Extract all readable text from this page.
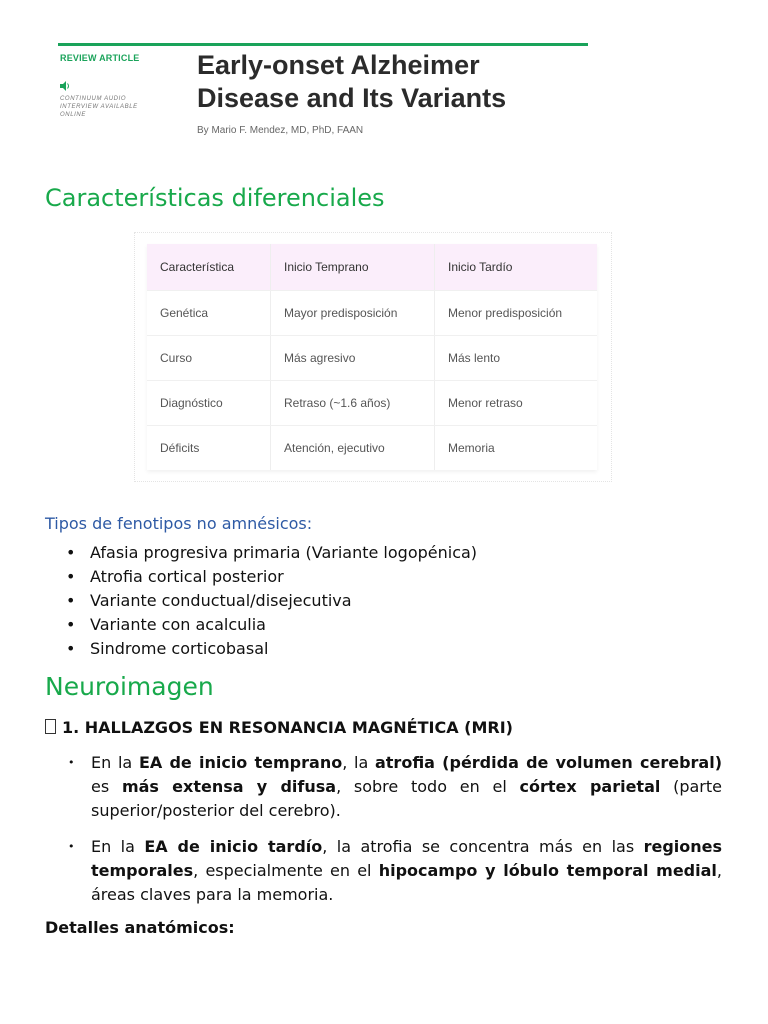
REVIEW ARTICLE
CONTINUUM AUDIO
INTERVIEW AVAILABLE
ONLINE
Early-onset Alzheimer
Disease and Its Variants
By Mario F. Mendez, MD, PhD, FAAN
Características diferenciales
Característica	Inicio Temprano	Inicio Tardío
Genética	Mayor predisposición	Menor predisposición
Curso	Más agresivo	Más lento
Diagnóstico	Retraso (~1.6 años)	Menor retraso
Déficits	Atención, ejecutivo	Memoria
Tipos de fenotipos no amnésicos:
• Afasia progresiva primaria (Variante logopénica)
• Atrofia cortical posterior
• Variante conductual/disejecutiva
• Variante con acalculia
• Sindrome corticobasal
Neuroimagen
1. HALLAZGOS EN RESONANCIA MAGNÉTICA (MRI)
• En la EA de inicio temprano, la atrofia (pérdida de volumen cerebral) es más extensa y difusa, sobre todo en el córtex parietal (parte superior/posterior del cerebro).
• En la EA de inicio tardío, la atrofia se concentra más en las regiones temporales, especialmente en el hipocampo y lóbulo temporal medial, áreas claves para la memoria.
Detalles anatómicos:
